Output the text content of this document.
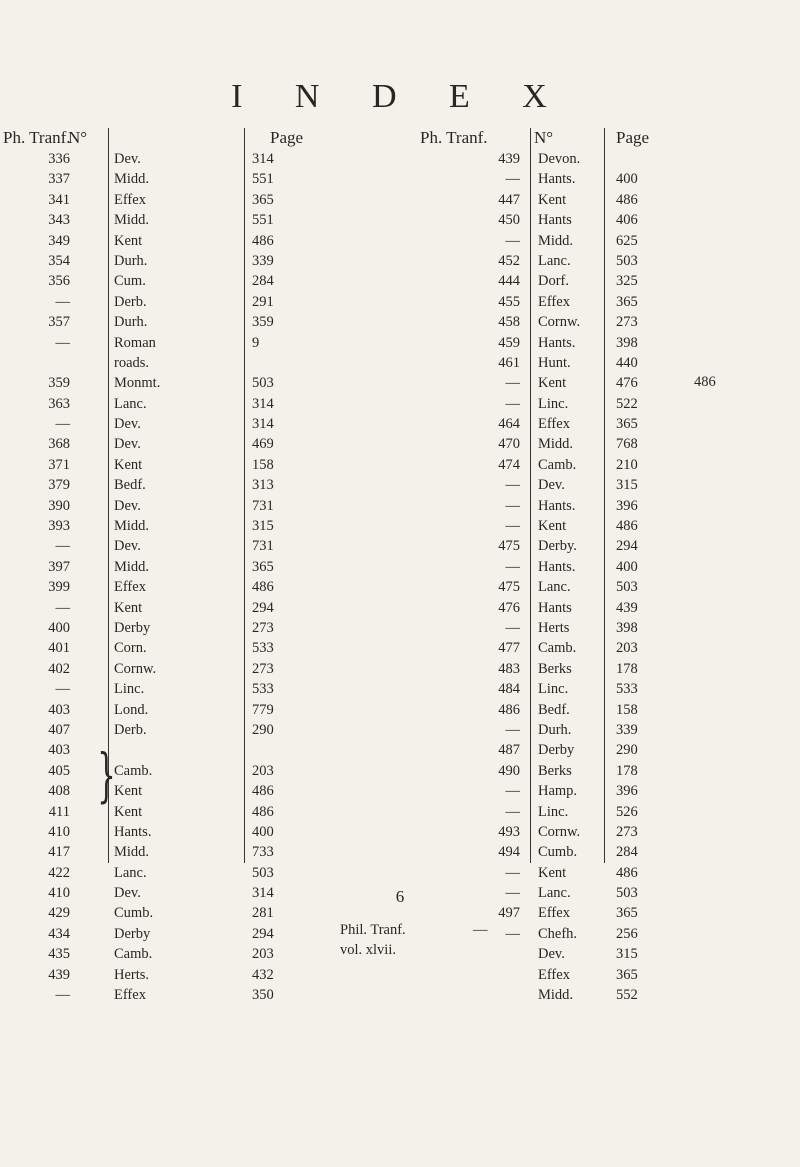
I N D E X
Ph. Tranf.
N°	Page
336	Dev.	314
337	Midd.	551
341	Effex	365
343	Midd.	551
349	Kent	486
354	Durh.	339
356	Cum.	284
—	Derb.	291
357	Durh.	359
—	Roman	9
roads.
359	Monmt.	503
363	Lanc.	314
—	Dev.	314
368	Dev.	469
371	Kent	158
379	Bedf.	313
390	Dev.	731
393	Midd.	315
—	Dev.	731
397	Midd.	365
399	Effex	486
—	Kent	294
400	Derby	273
401	Corn.	533
402	Cornw.	273
—	Linc.	533
403	Lond.	779
407	Derb.	290
403
405	Camb.	203
408	Kent	486
411	Kent	486
410	Hants.	400
417	Midd.	733
422	Lanc.	503
410	Dev.	314
429	Cumb.	281
434	Derby	294
435	Camb.	203
439	Herts.	432
—	Effex	350
}
Ph. Tranf.	N°	Page
439 Devon.
— Hants.	400
447 Kent	486
450 Hants	406
— Midd.	625
452 Lanc.	503
444 Dorf.	325
455 Effex	365
458 Cornw. 273
459 Hants.	398
461 Hunt.	440
— Kent	476
— Linc.	522
464 Effex	365
470 Midd.	768
474 Camb.	210
— Dev.	315
— Hants.	396
— Kent	486
475 Derby.	294
— Hants.	400
475 Lanc.	503
476 Hants	439
— Herts	398
477 Camb.	203
483 Berks	178
484 Linc.	533
486 Bedf.	158
— Durh.	339
487 Derby	290
490 Berks	178
— Hamp.	396
— Linc.	526
493 Cornw. 273
494 Cumb.	284
— Kent	486
— Lanc.	503
497 Effex	365
— Chefh.	256
Dev.	315
Effex	365
Midd.	552
486
Phil. Tranf.	—
vol. xlvii.
6
